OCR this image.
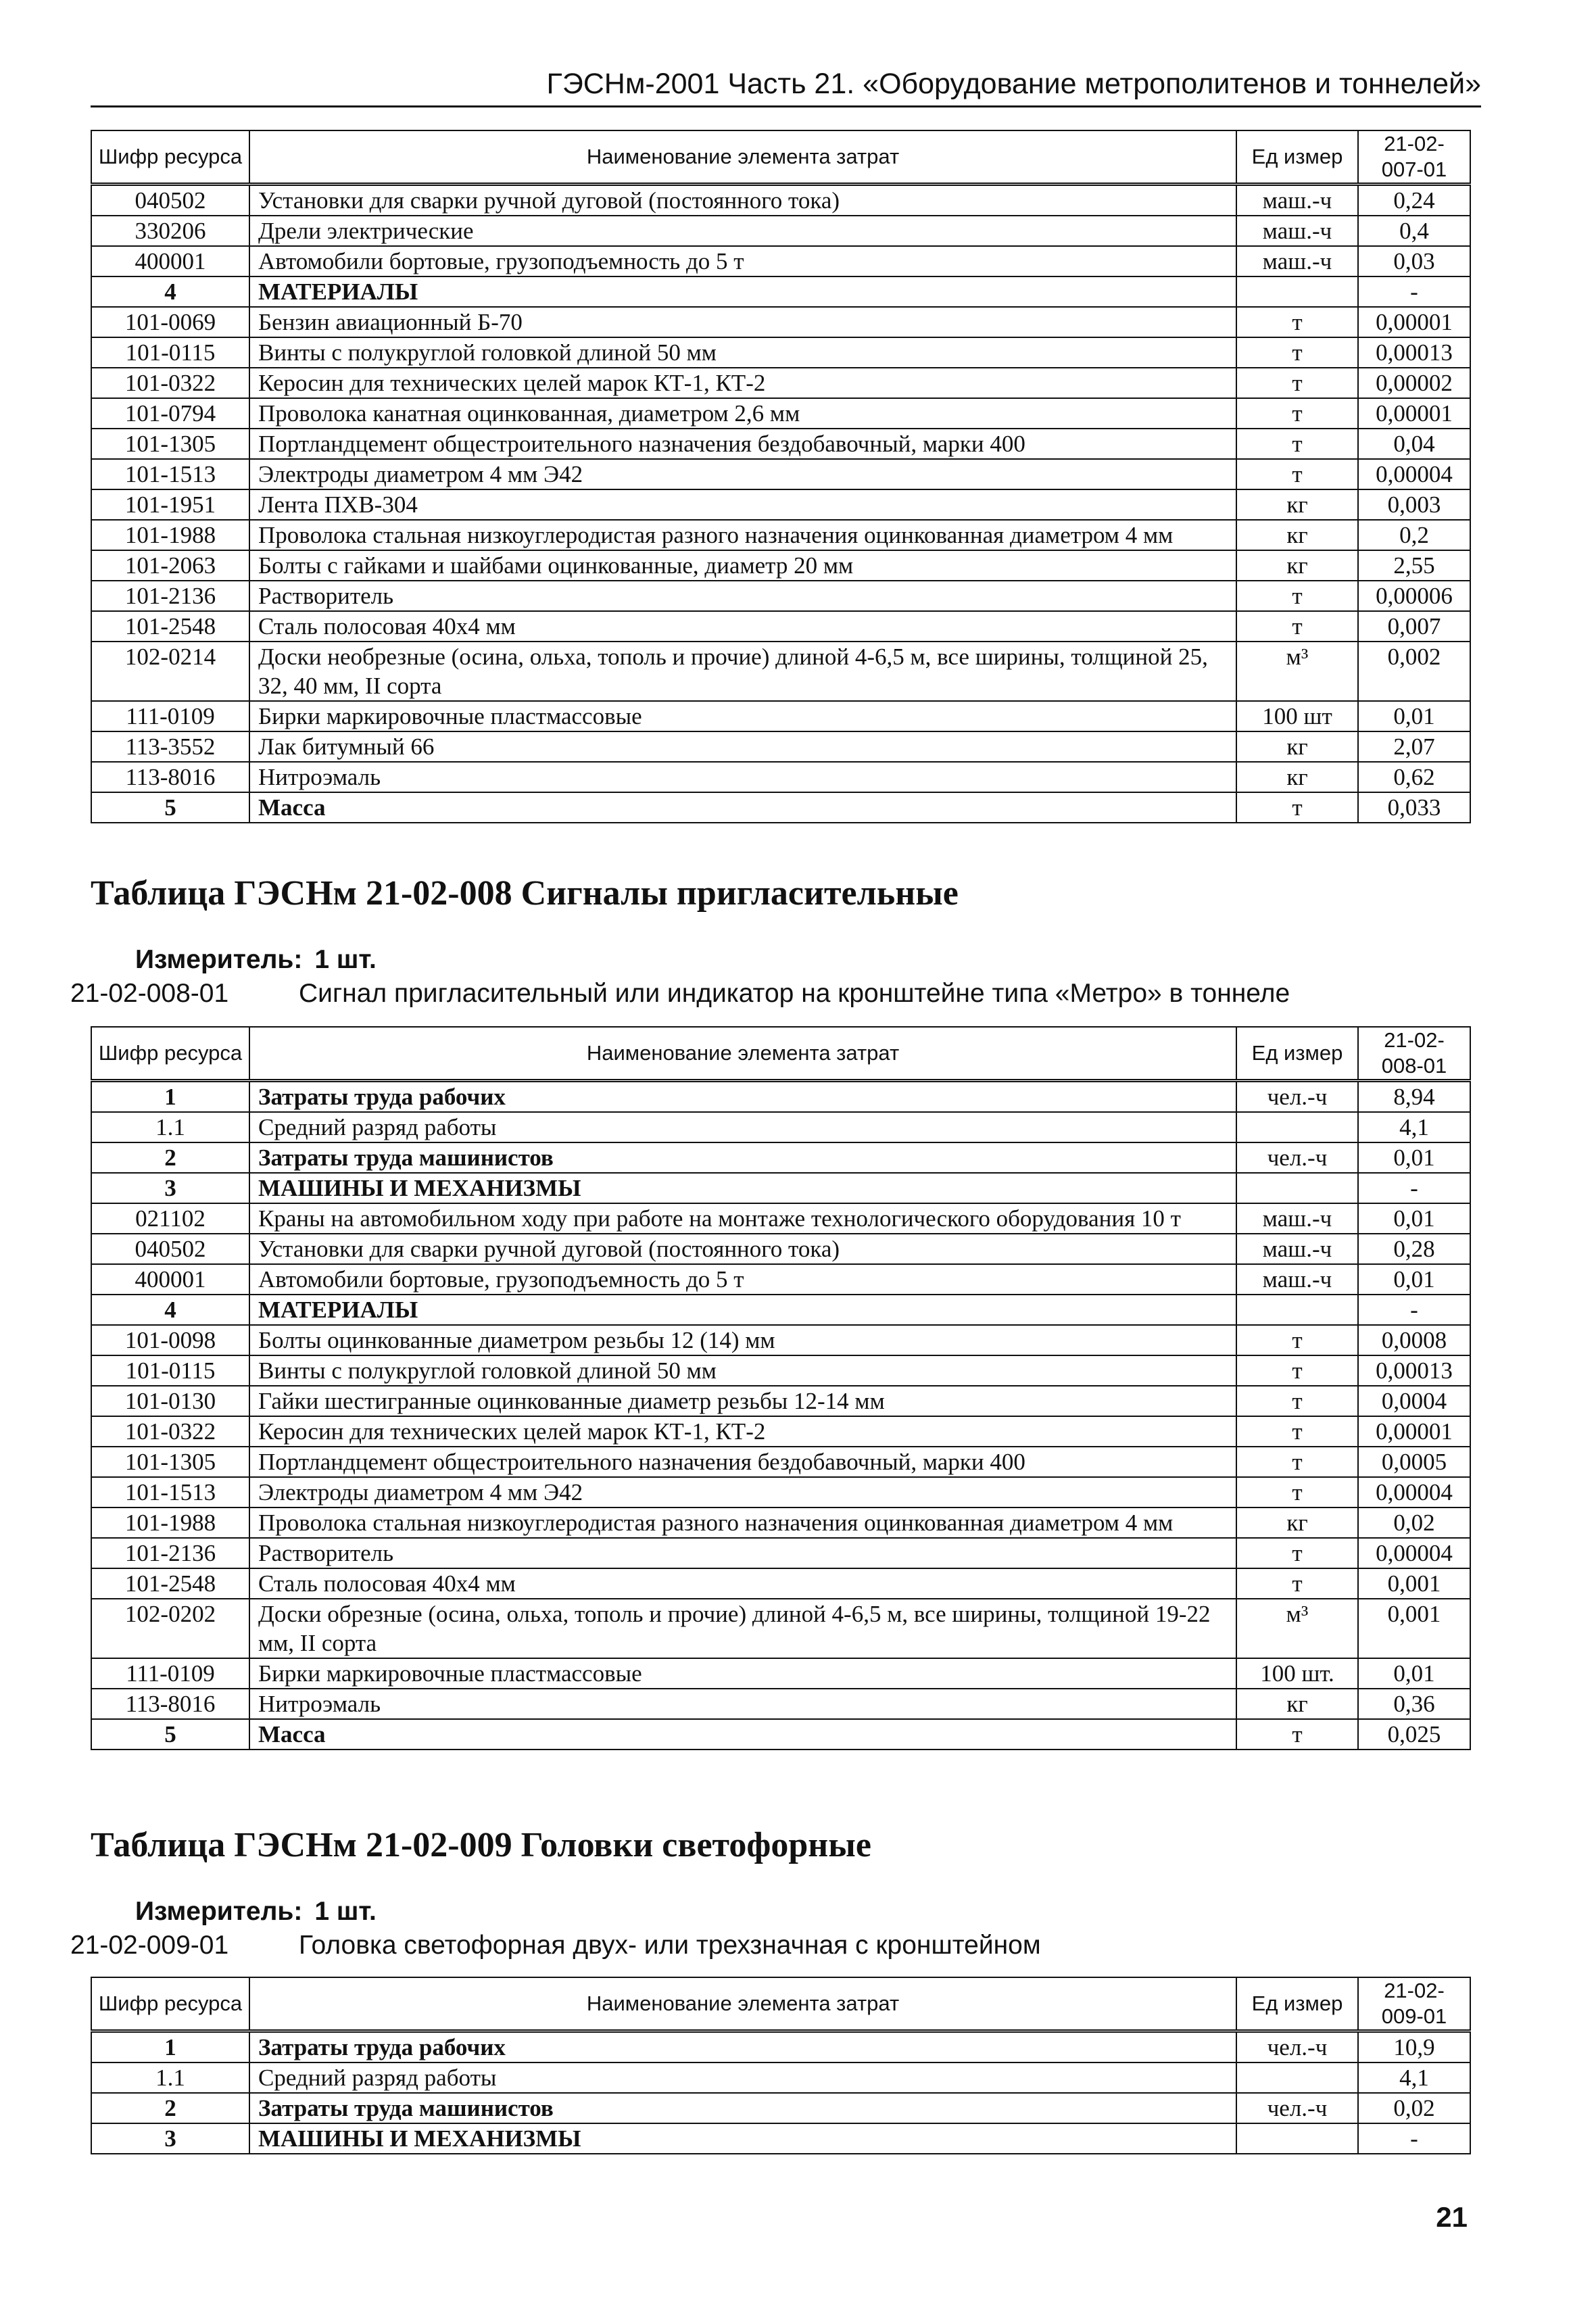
ГЭСНм-2001 Часть 21. «Оборудование метрополитенов и тоннелей»
Шифр ресурса	Наименование элемента затрат	Ед измер	21-02-007-01
040502	Установки для сварки ручной дуговой (постоянного тока)	маш.-ч	0,24
330206	Дрели электрические	маш.-ч	0,4
400001	Автомобили бортовые, грузоподъемность до 5 т	маш.-ч	0,03
4	МАТЕРИАЛЫ		-
101-0069	Бензин авиационный Б-70	т	0,00001
101-0115	Винты с полукруглой головкой длиной 50 мм	т	0,00013
101-0322	Керосин для технических целей марок КТ-1, КТ-2	т	0,00002
101-0794	Проволока канатная оцинкованная, диаметром 2,6 мм	т	0,00001
101-1305	Портландцемент общестроительного назначения бездобавочный, марки 400	т	0,04
101-1513	Электроды диаметром 4 мм Э42	т	0,00004
101-1951	Лента ПХВ-304	кг	0,003
101-1988	Проволока стальная низкоуглеродистая разного назначения оцинкованная диаметром 4 мм	кг	0,2
101-2063	Болты с гайками и шайбами оцинкованные, диаметр 20 мм	кг	2,55
101-2136	Растворитель	т	0,00006
101-2548	Сталь полосовая 40х4 мм	т	0,007
102-0214	Доски необрезные (осина, ольха, тополь и прочие) длиной 4-6,5 м, все ширины, толщиной 25, 32, 40 мм, II сорта	м³	0,002
111-0109	Бирки маркировочные пластмассовые	100 шт	0,01
113-3552	Лак битумный 66	кг	2,07
113-8016	Нитроэмаль	кг	0,62
5	Масса	т	0,033
Таблица ГЭСНм 21-02-008 Сигналы пригласительные
Измеритель: 1 шт.
21-02-008-01	Сигнал пригласительный или индикатор на кронштейне типа «Метро» в тоннеле
Шифр ресурса	Наименование элемента затрат	Ед измер	21-02-008-01
1	Затраты труда рабочих	чел.-ч	8,94
1.1	Средний разряд работы		4,1
2	Затраты труда машинистов	чел.-ч	0,01
3	МАШИНЫ И МЕХАНИЗМЫ		-
021102	Краны на автомобильном ходу при работе на монтаже технологического оборудования 10 т	маш.-ч	0,01
040502	Установки для сварки ручной дуговой (постоянного тока)	маш.-ч	0,28
400001	Автомобили бортовые, грузоподъемность до 5 т	маш.-ч	0,01
4	МАТЕРИАЛЫ		-
101-0098	Болты оцинкованные диаметром резьбы 12 (14) мм	т	0,0008
101-0115	Винты с полукруглой головкой длиной 50 мм	т	0,00013
101-0130	Гайки шестигранные оцинкованные диаметр резьбы 12-14 мм	т	0,0004
101-0322	Керосин для технических целей марок КТ-1, КТ-2	т	0,00001
101-1305	Портландцемент общестроительного назначения бездобавочный, марки 400	т	0,0005
101-1513	Электроды диаметром 4 мм Э42	т	0,00004
101-1988	Проволока стальная низкоуглеродистая разного назначения оцинкованная диаметром 4 мм	кг	0,02
101-2136	Растворитель	т	0,00004
101-2548	Сталь полосовая 40х4 мм	т	0,001
102-0202	Доски обрезные (осина, ольха, тополь и прочие) длиной 4-6,5 м, все ширины, толщиной 19-22 мм, II сорта	м³	0,001
111-0109	Бирки маркировочные пластмассовые	100 шт.	0,01
113-8016	Нитроэмаль	кг	0,36
5	Масса	т	0,025
Таблица ГЭСНм 21-02-009 Головки светофорные
Измеритель: 1 шт.
21-02-009-01	Головка светофорная двух- или трехзначная с кронштейном
Шифр ресурса	Наименование элемента затрат	Ед измер	21-02-009-01
1	Затраты труда рабочих	чел.-ч	10,9
1.1	Средний разряд работы		4,1
2	Затраты труда машинистов	чел.-ч	0,02
3	МАШИНЫ И МЕХАНИЗМЫ		-
21
